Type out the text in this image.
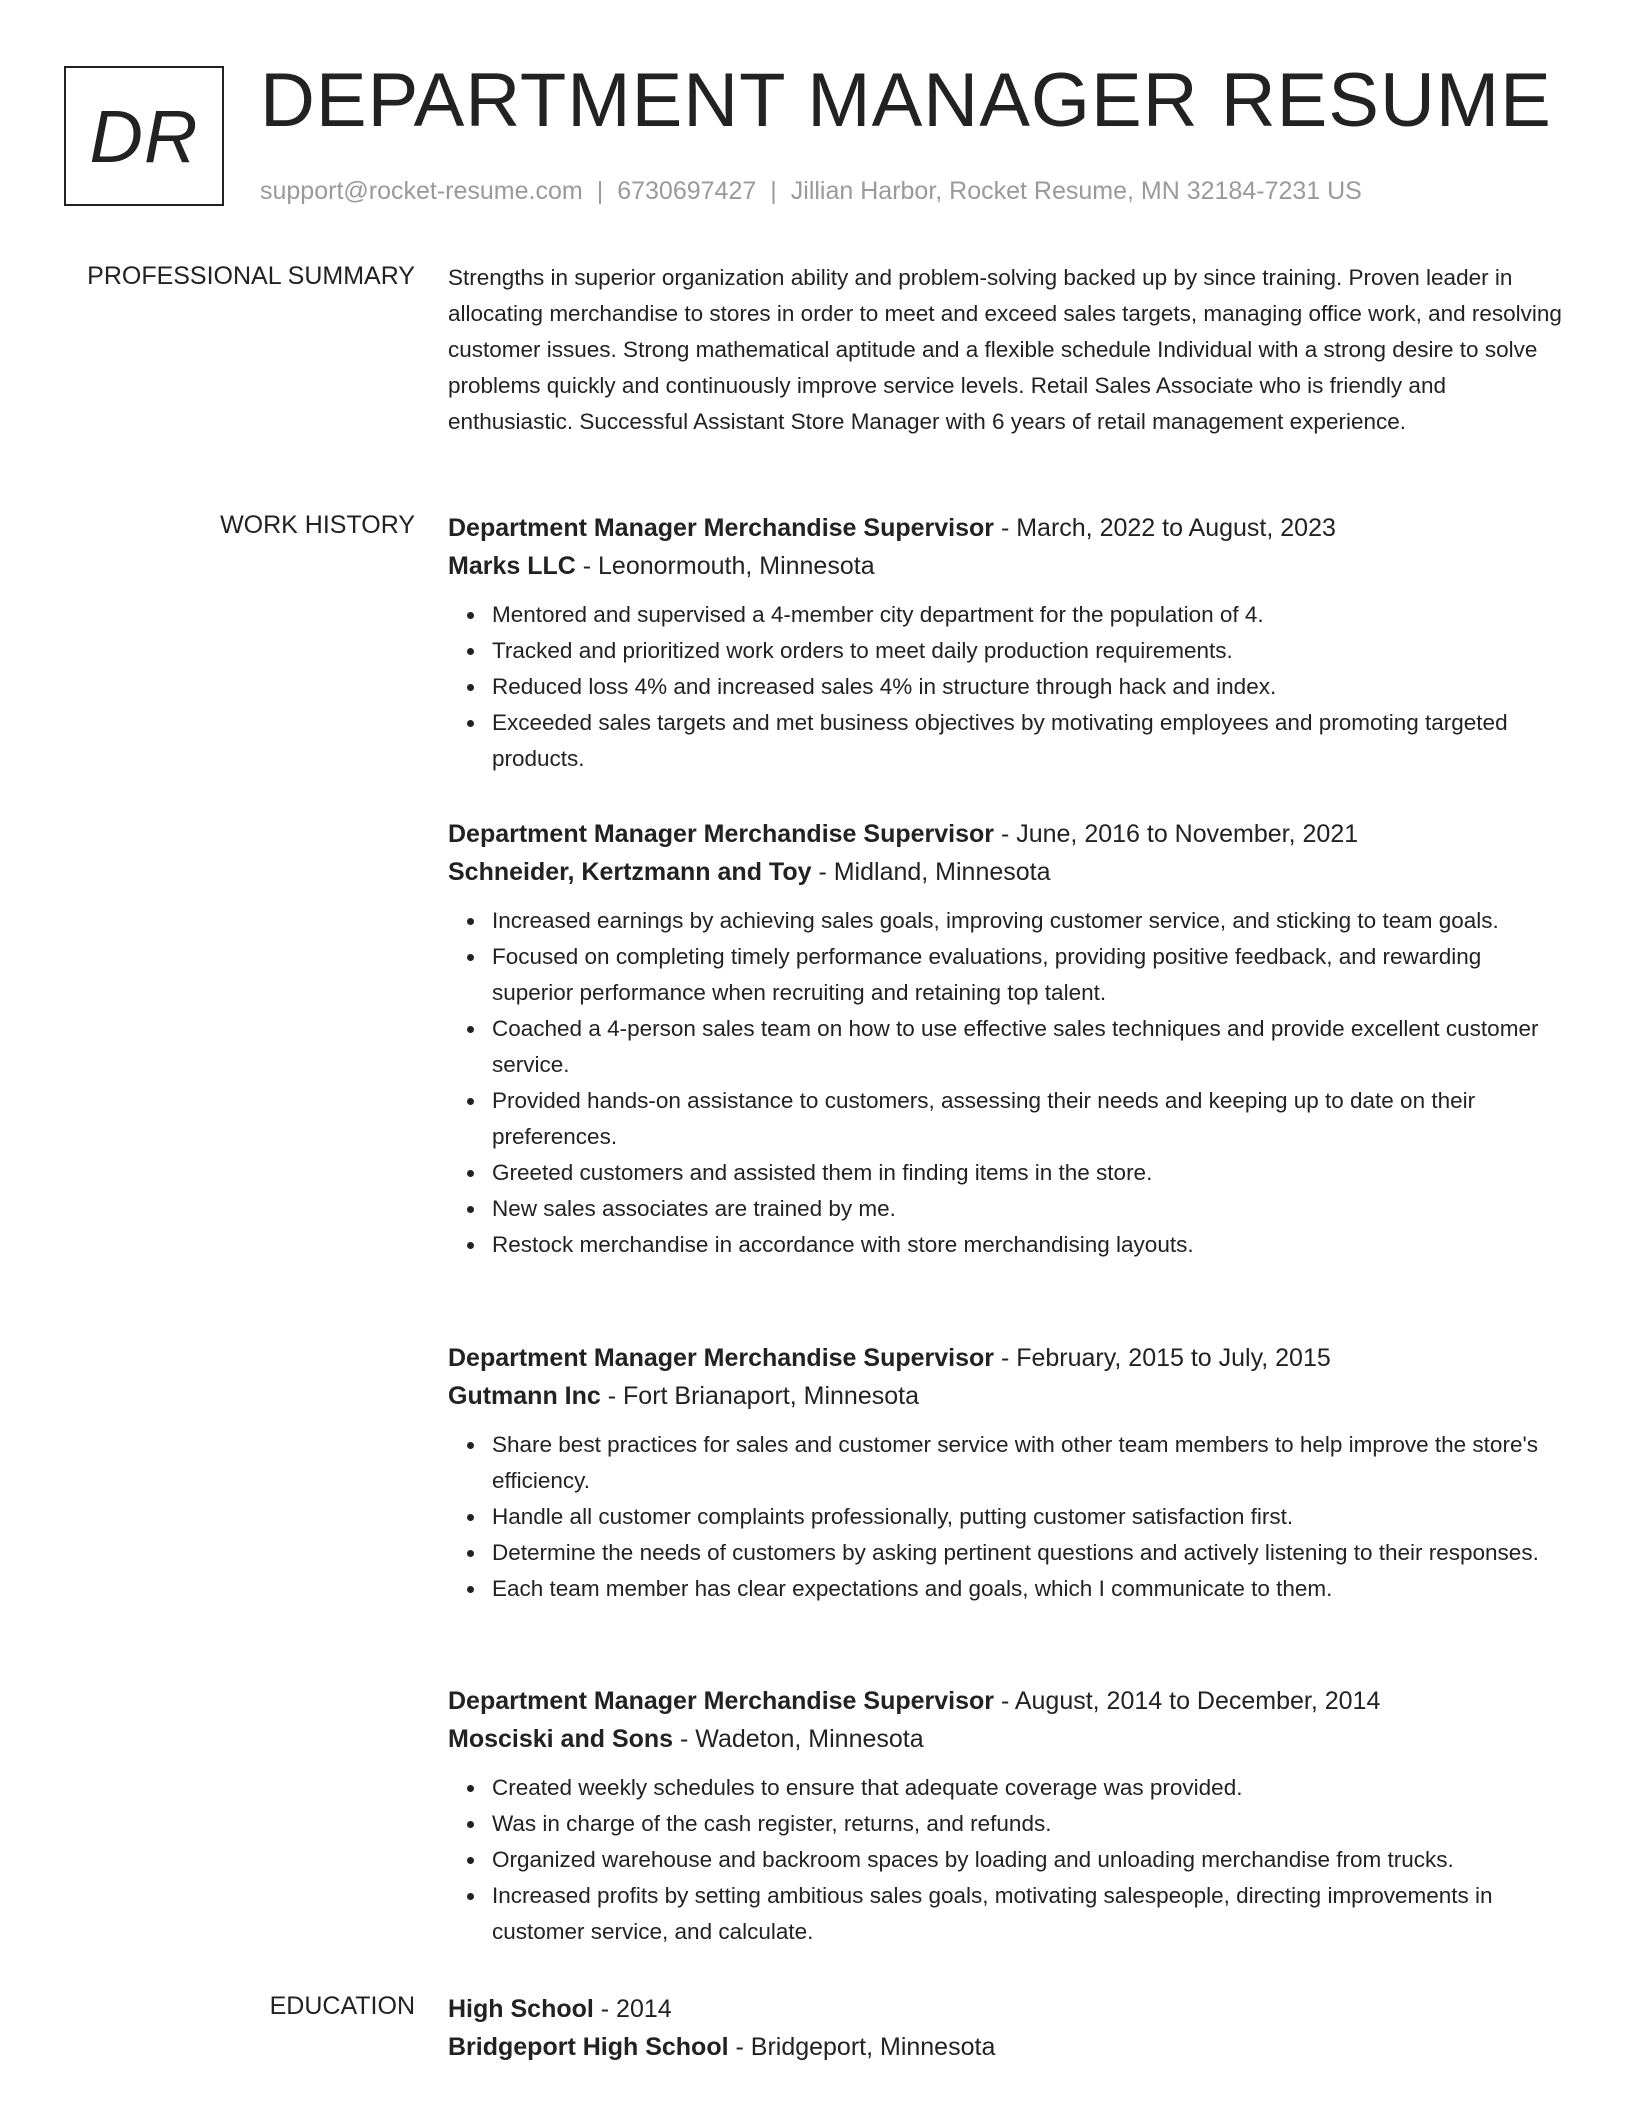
DR DEPARTMENT MANAGER RESUME
support@rocket-resume.com | 6730697427 | Jillian Harbor, Rocket Resume, MN 32184-7231 US
PROFESSIONAL SUMMARY Strengths in superior organization ability and problem-solving backed up by since training. Proven leader in allocating merchandise to stores in order to meet and exceed sales targets, managing office work, and resolving customer issues. Strong mathematical aptitude and a flexible schedule Individual with a strong desire to solve problems quickly and continuously improve service levels. Retail Sales Associate who is friendly and enthusiastic. Successful Assistant Store Manager with 6 years of retail management experience.

WORK HISTORY Department Manager Merchandise Supervisor - March, 2022 to August, 2023

Marks LLC - Leonormouth, Minnesota

Mentored and supervised a 4-member city department for the population of 4.
Tracked and prioritized work orders to meet daily production requirements.
Reduced loss 4% and increased sales 4% in structure through hack and index.
Exceeded sales targets and met business objectives by motivating employees and promoting targeted products.

Department Manager Merchandise Supervisor - June, 2016 to November, 2021

Schneider, Kertzmann and Toy - Midland, Minnesota

Increased earnings by achieving sales goals, improving customer service, and sticking to team goals.
Focused on completing timely performance evaluations, providing positive feedback, and rewarding superior performance when recruiting and retaining top talent.
Coached a 4-person sales team on how to use effective sales techniques and provide excellent customer service.
Provided hands-on assistance to customers, assessing their needs and keeping up to date on their preferences.
Greeted customers and assisted them in finding items in the store.
New sales associates are trained by me.
Restock merchandise in accordance with store merchandising layouts.

Department Manager Merchandise Supervisor - February, 2015 to July, 2015

Gutmann Inc - Fort Brianaport, Minnesota

Share best practices for sales and customer service with other team members to help improve the store's efficiency.
Handle all customer complaints professionally, putting customer satisfaction first.
Determine the needs of customers by asking pertinent questions and actively listening to their responses.
Each team member has clear expectations and goals, which I communicate to them.

Department Manager Merchandise Supervisor - August, 2014 to December, 2014

Mosciski and Sons - Wadeton, Minnesota

Created weekly schedules to ensure that adequate coverage was provided.
Was in charge of the cash register, returns, and refunds.
Organized warehouse and backroom spaces by loading and unloading merchandise from trucks.
Increased profits by setting ambitious sales goals, motivating salespeople, directing improvements in customer service, and calculate.
EDUCATION High School - 2014

Bridgeport High School - Bridgeport, Minnesota
